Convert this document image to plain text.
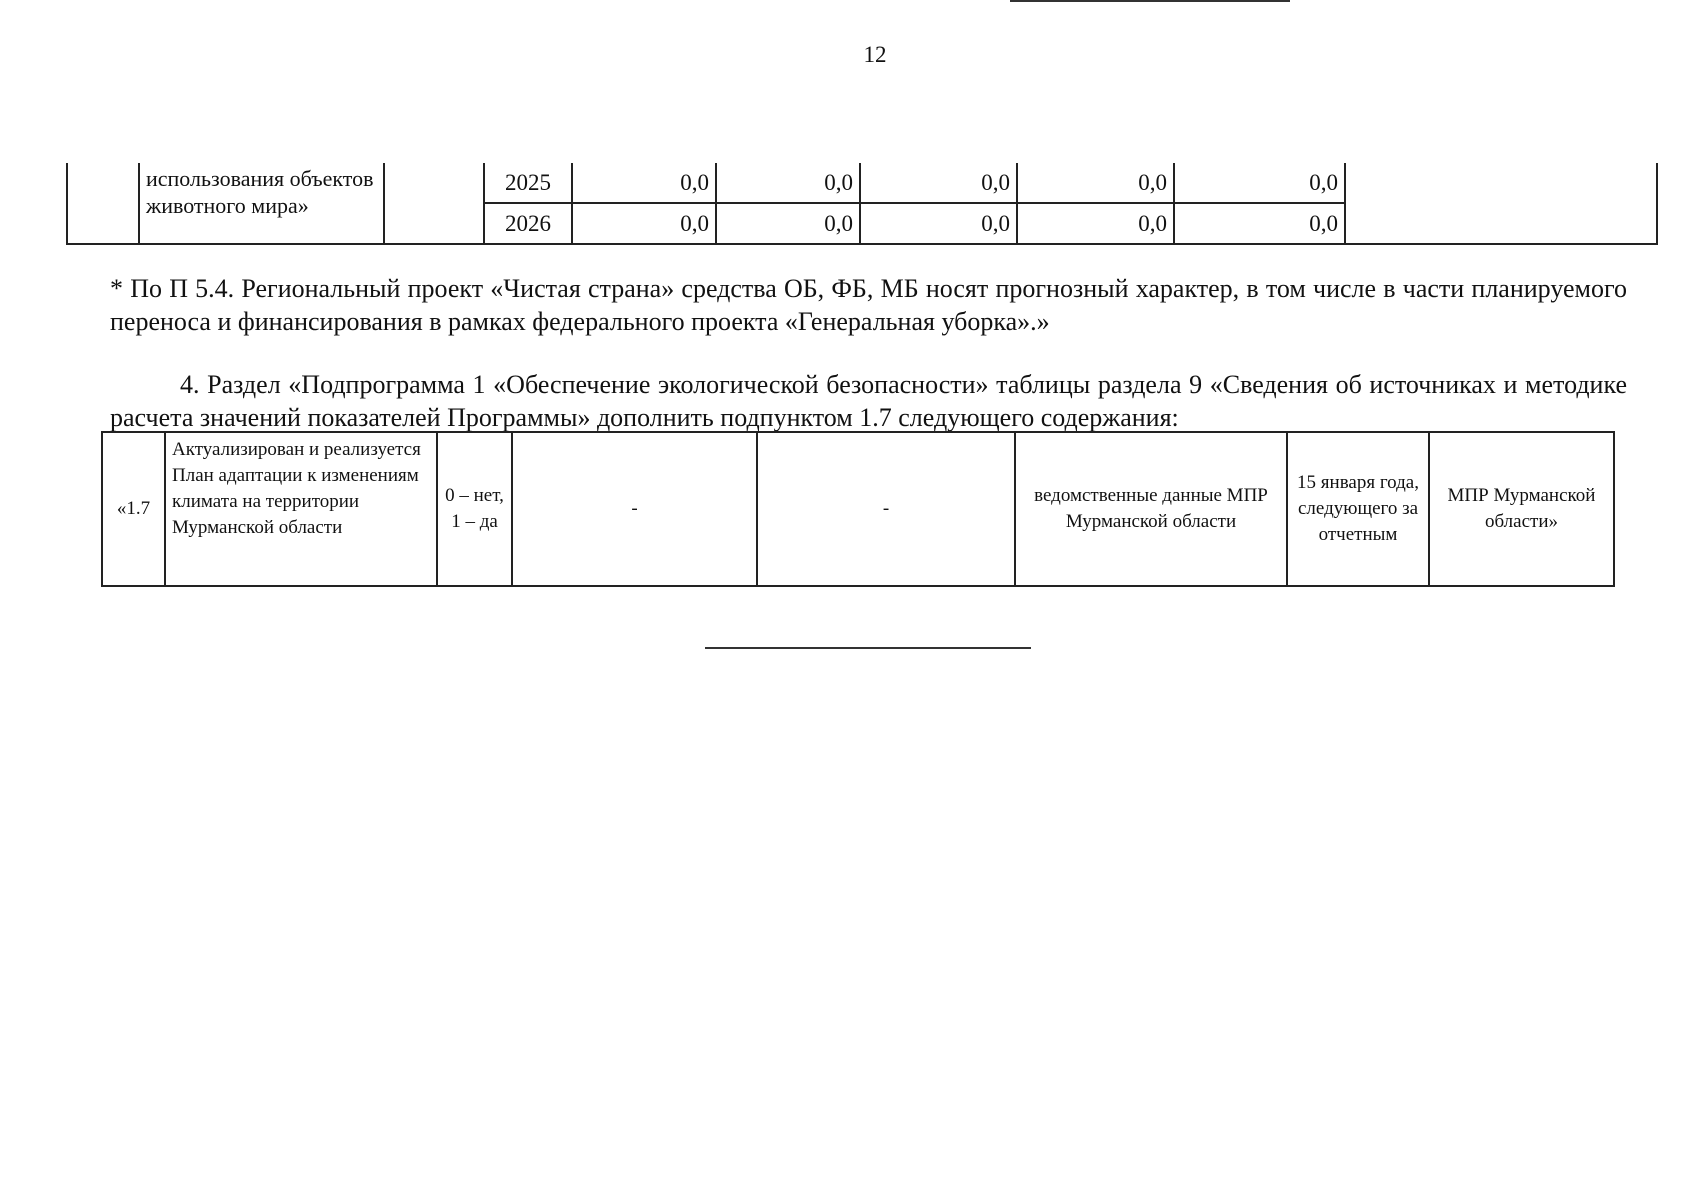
12
	использования объектов животного мира»		2025	0,0	0,0	0,0	0,0	0,0	
			2026	0,0	0,0	0,0	0,0	0,0	
* По П 5.4. Региональный проект «Чистая страна» средства ОБ, ФБ, МБ носят прогнозный характер, в том числе в части планируемого переноса и финансирования в рамках федерального проекта «Генеральная уборка».»
4. Раздел «Подпрограмма 1 «Обеспечение экологической безопасности» таблицы раздела 9 «Сведения об источниках и методике расчета значений показателей Программы» дополнить подпунктом 1.7 следующего содержания:
«1.7	Актуализирован и реализуется План адаптации к изменениям климата на территории Мурманской области	0 – нет, 1 – да	-	-	ведомственные данные МПР Мурманской области	15 января года, следующего за отчетным	МПР Мурманской области»
